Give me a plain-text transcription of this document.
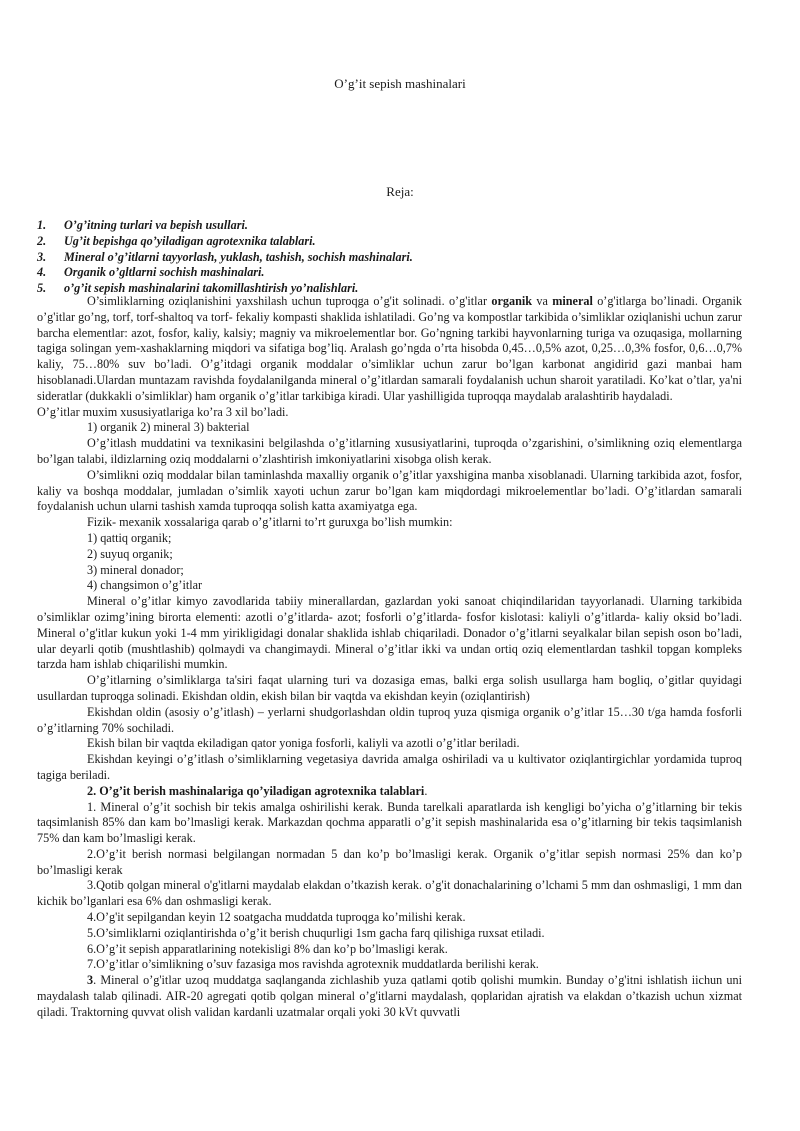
O’g’it sepish mashinalari
Reja:
1. O’g’itning turlari va bepish usullari.
2. Ug’it bepishga qo’yiladigan agrotexnika talablari.
3. Mineral o’g’itlarni tayyorlash, yuklash, tashish, sochish mashinalari.
4. Organik o’gltlarni sochish mashinalari.
5. o’g’it sepish mashinalarini takomillashtirish yo’nalishlari.

O’simliklarning oziqlanishini yaxshilash uchun tuproqga o’g'it solinadi. o’g'itlar organik va mineral o’g'itlarga bo’linadi. Organik o’g'itlar go’ng, torf, torf-shaltoq va torf- fekaliy kompasti shaklida ishlatiladi. Go’ng va kompostlar tarkibida o’simliklar oziqlanishi uchun zarur barcha elementlar: azot, fosfor, kaliy, kalsiy; magniy va mikroelementlar bor. Go’ngning tarkibi hayvonlarning turiga va ozuqasiga, mollarning tagiga solingan yem-xashaklarning miqdori va sifatiga bog’liq. Aralash go’ngda o’rta hisobda 0,45…0,5% azot, 0,25…0,3% fosfor, 0,6…0,7% kaliy, 75…80% suv bo’ladi. O’g’itdagi organik moddalar o’simliklar uchun zarur bo’lgan karbonat angidirid gazi manbai ham hisoblanadi.Ulardan muntazam ravishda foydalanilganda mineral o’g’itlardan samarali foydalanish uchun sharoit yaratiladi. Ko’kat o’tlar, ya'ni sideratlar (dukkakli o’simliklar) ham organik o’g’itlar tarkibiga kiradi. Ular yashilligida tuproqqa maydalab aralashtirib haydaladi.

O’g’itlar muxim xususiyatlariga ko’ra 3 xil bo’ladi.

1) organik 2) mineral 3) bakterial

O’g’itlash muddatini va texnikasini belgilashda o’g’itlarning xususiyatlarini, tuproqda o’zgarishini, o’simlikning oziq elementlarga bo’lgan talabi, ildizlarning oziq moddalarni o’zlashtirish imkoniyatlarini xisobga olish kerak.

O’simlikni oziq moddalar bilan taminlashda maxalliy organik o’g’itlar yaxshigina manba xisoblanadi. Ularning tarkibida azot, fosfor, kaliy va boshqa moddalar, jumladan o’simlik xayoti uchun zarur bo’lgan kam miqdordagi mikroelementlar bo’ladi. O’g’itlardan samarali foydalanish uchun ularni tashish xamda tuproqqa solish katta axamiyatga ega.

Fizik- mexanik xossalariga qarab o’g’itlarni to’rt guruxga bo’lish mumkin:

1) qattiq organik;

2) suyuq organik;

3) mineral donador;

4) changsimon o’g’itlar

Mineral o’g’itlar kimyo zavodlarida tabiiy minerallardan, gazlardan yoki sanoat chiqindilaridan tayyorlanadi. Ularning tarkibida o’simliklar ozimg’ining birorta elementi: azotli o’g’itlarda- azot; fosforli o’g’itlarda- fosfor kislotasi: kaliyli o’g’itlarda- kaliy oksid bo’ladi. Mineral o’g'itlar kukun yoki 1-4 mm yirikligidagi donalar shaklida ishlab chiqariladi. Donador o’g’itlarni seyalkalar bilan sepish oson bo’ladi, ular deyarli qotib (mushtlashib) qolmaydi va changimaydi. Mineral o’g’itlar ikki va undan ortiq oziq elementlardan tashkil topgan kompleks tarzda ham ishlab chiqarilishi mumkin.

O’g’itlarning o’simliklarga ta'siri faqat ularning turi va dozasiga emas, balki erga solish usullarga ham bogliq, o’gitlar quyidagi usullardan tuproqga solinadi. Ekishdan oldin, ekish bilan bir vaqtda va ekishdan keyin (oziqlantirish)

Ekishdan oldin (asosiy o’g’itlash) – yerlarni shudgorlashdan oldin tuproq yuza qismiga organik o’g’itlar 15…30 t/ga hamda fosforli o’g’itlarning 70% sochiladi.

Ekish bilan bir vaqtda ekiladigan qator yoniga fosforli, kaliyli va azotli o’g’itlar beriladi.

Ekishdan keyingi o’g’itlash o’simliklarning vegetasiya davrida amalga oshiriladi va u kultivator oziqlantirgichlar yordamida tuproq tagiga beriladi.

2. O’g’it berish mashinalariga qo’yiladigan agrotexnika talablari.

1. Mineral o’g’it sochish bir tekis amalga oshirilishi kerak. Bunda tarelkali aparatlarda ish kengligi bo’yicha o’g’itlarning bir tekis taqsimlanish 85% dan kam bo’lmasligi kerak. Markazdan qochma apparatli o’g’it sepish mashinalarida esa o’g’itlarning bir tekis taqsimlanish 75% dan kam bo’lmasligi kerak.

2.O’g’it berish normasi belgilangan normadan 5 dan ko’p bo’lmasligi kerak. Organik o’g’itlar sepish normasi 25% dan ko’p bo’lmasligi kerak

3.Qotib qolgan mineral o'g'itlarni maydalab elakdan o’tkazish kerak. o’g'it donachalarining o’lchami 5 mm dan oshmasligi, 1 mm dan kichik bo’lganlari esa 6% dan oshmasligi kerak.

4.O’g'it sepilgandan keyin 12 soatgacha muddatda tuproqga ko’milishi kerak.

5.O’simliklarni oziqlantirishda o’g’it berish chuqurligi 1sm gacha farq qilishiga ruxsat etiladi.

6.O’g’it sepish apparatlarining notekisligi 8% dan ko’p bo’lmasligi kerak.

7.O’g’itlar o’simlikning o’suv fazasiga mos ravishda agrotexnik muddatlarda berilishi kerak.

3. Mineral o’g'itlar uzoq muddatga saqlanganda zichlashib yuza qatlami qotib qolishi mumkin. Bunday o’g'itni ishlatish iichun uni maydalash talab qilinadi. AIR-20 agregati qotib qolgan mineral o’g'itlarni maydalash, qoplaridan ajratish va elakdan o’tkazish uchun xizmat qiladi. Traktorning quvvat olish validan kardanli uzatmalar orqali yoki 30 kVt quvvatli
